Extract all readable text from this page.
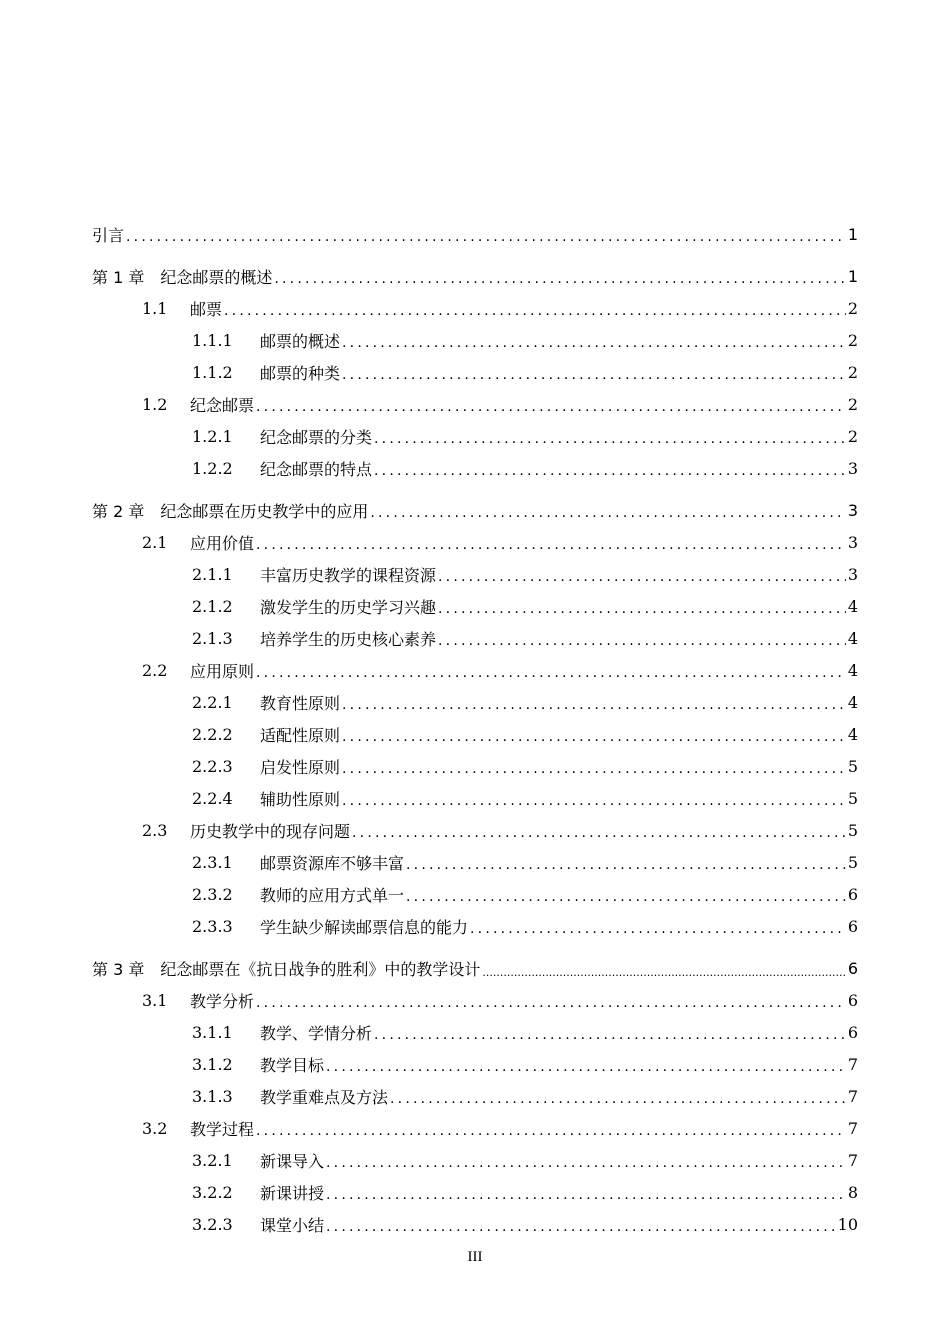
引言 .....	1
第 1 章	纪念邮票的概述 .....	1
1.1	邮票 .....	2
1.1.1	邮票的概述 .....	2
1.1.2	邮票的种类 .....	2
1.2	纪念邮票 .....	2
1.2.1	纪念邮票的分类 .....	2
1.2.2	纪念邮票的特点 .....	3
第 2 章	纪念邮票在历史教学中的应用 .....	3
2.1	应用价值 .....	3
2.1.1	丰富历史教学的课程资源 .....	3
2.1.2	激发学生的历史学习兴趣 .....	4
2.1.3	培养学生的历史核心素养 .....	4
2.2	应用原则 .....	4
2.2.1	教育性原则 .....	4
2.2.2	适配性原则 .....	4
2.2.3	启发性原则 .....	5
2.2.4	辅助性原则 .....	5
2.3	历史教学中的现存问题 .....	5
2.3.1	邮票资源库不够丰富 .....	5
2.3.2	教师的应用方式单一 .....	6
2.3.3	学生缺少解读邮票信息的能力 .....	6
第 3 章	纪念邮票在《抗日战争的胜利》中的教学设计 .....	6
3.1	教学分析 .....	6
3.1.1	教学、学情分析 .....	6
3.1.2	教学目标 .....	7
3.1.3	教学重难点及方法 .....	7
3.2	教学过程 .....	7
3.2.1	新课导入 .....	7
3.2.2	新课讲授 .....	8
3.2.3	课堂小结 .....	10
III
